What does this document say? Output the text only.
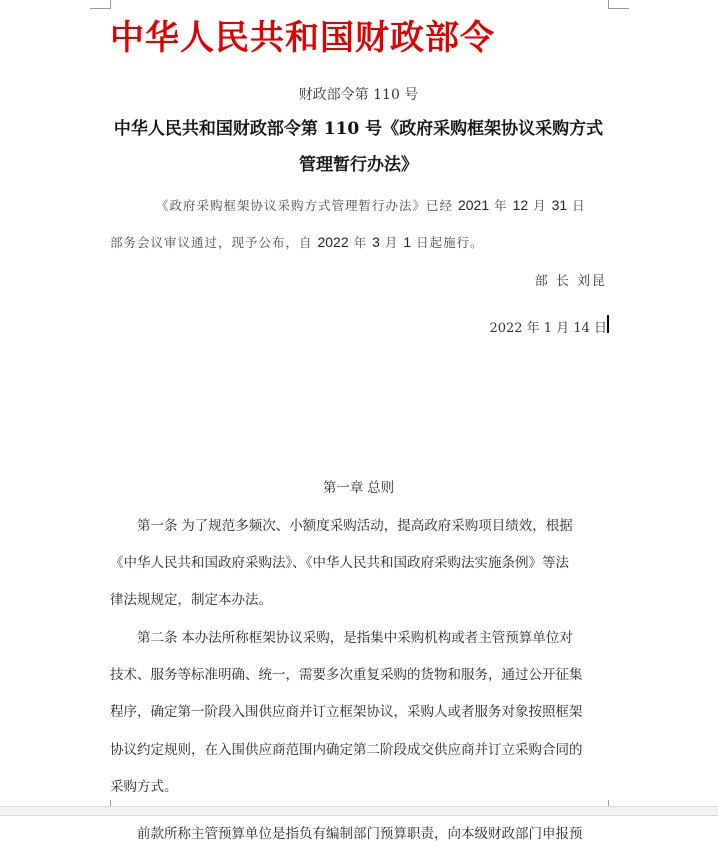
中华人民共和国财政部令
财政部令第 110 号
中华人民共和国财政部令第 110 号《政府采购框架协议采购方式
管理暂行办法》
《政府采购框架协议采购方式管理暂行办法》已经 2021 年 12 月 31 日
部务会议审议通过，现予公布，自 2022 年 3 月 1 日起施行。
部 长 刘昆
2022 年 1 月 14 日
第一章 总则
第一条 为了规范多频次、小额度采购活动，提高政府采购项目绩效，根据
《中华人民共和国政府采购法》、《中华人民共和国政府采购法实施条例》等法
律法规规定，制定本办法。
第二条 本办法所称框架协议采购，是指集中采购机构或者主管预算单位对
技术、服务等标准明确、统一，需要多次重复采购的货物和服务，通过公开征集
程序，确定第一阶段入围供应商并订立框架协议，采购人或者服务对象按照框架
协议约定规则，在入围供应商范围内确定第二阶段成交供应商并订立采购合同的
采购方式。
前款所称主管预算单位是指负有编制部门预算职责，向本级财政部门申报预
